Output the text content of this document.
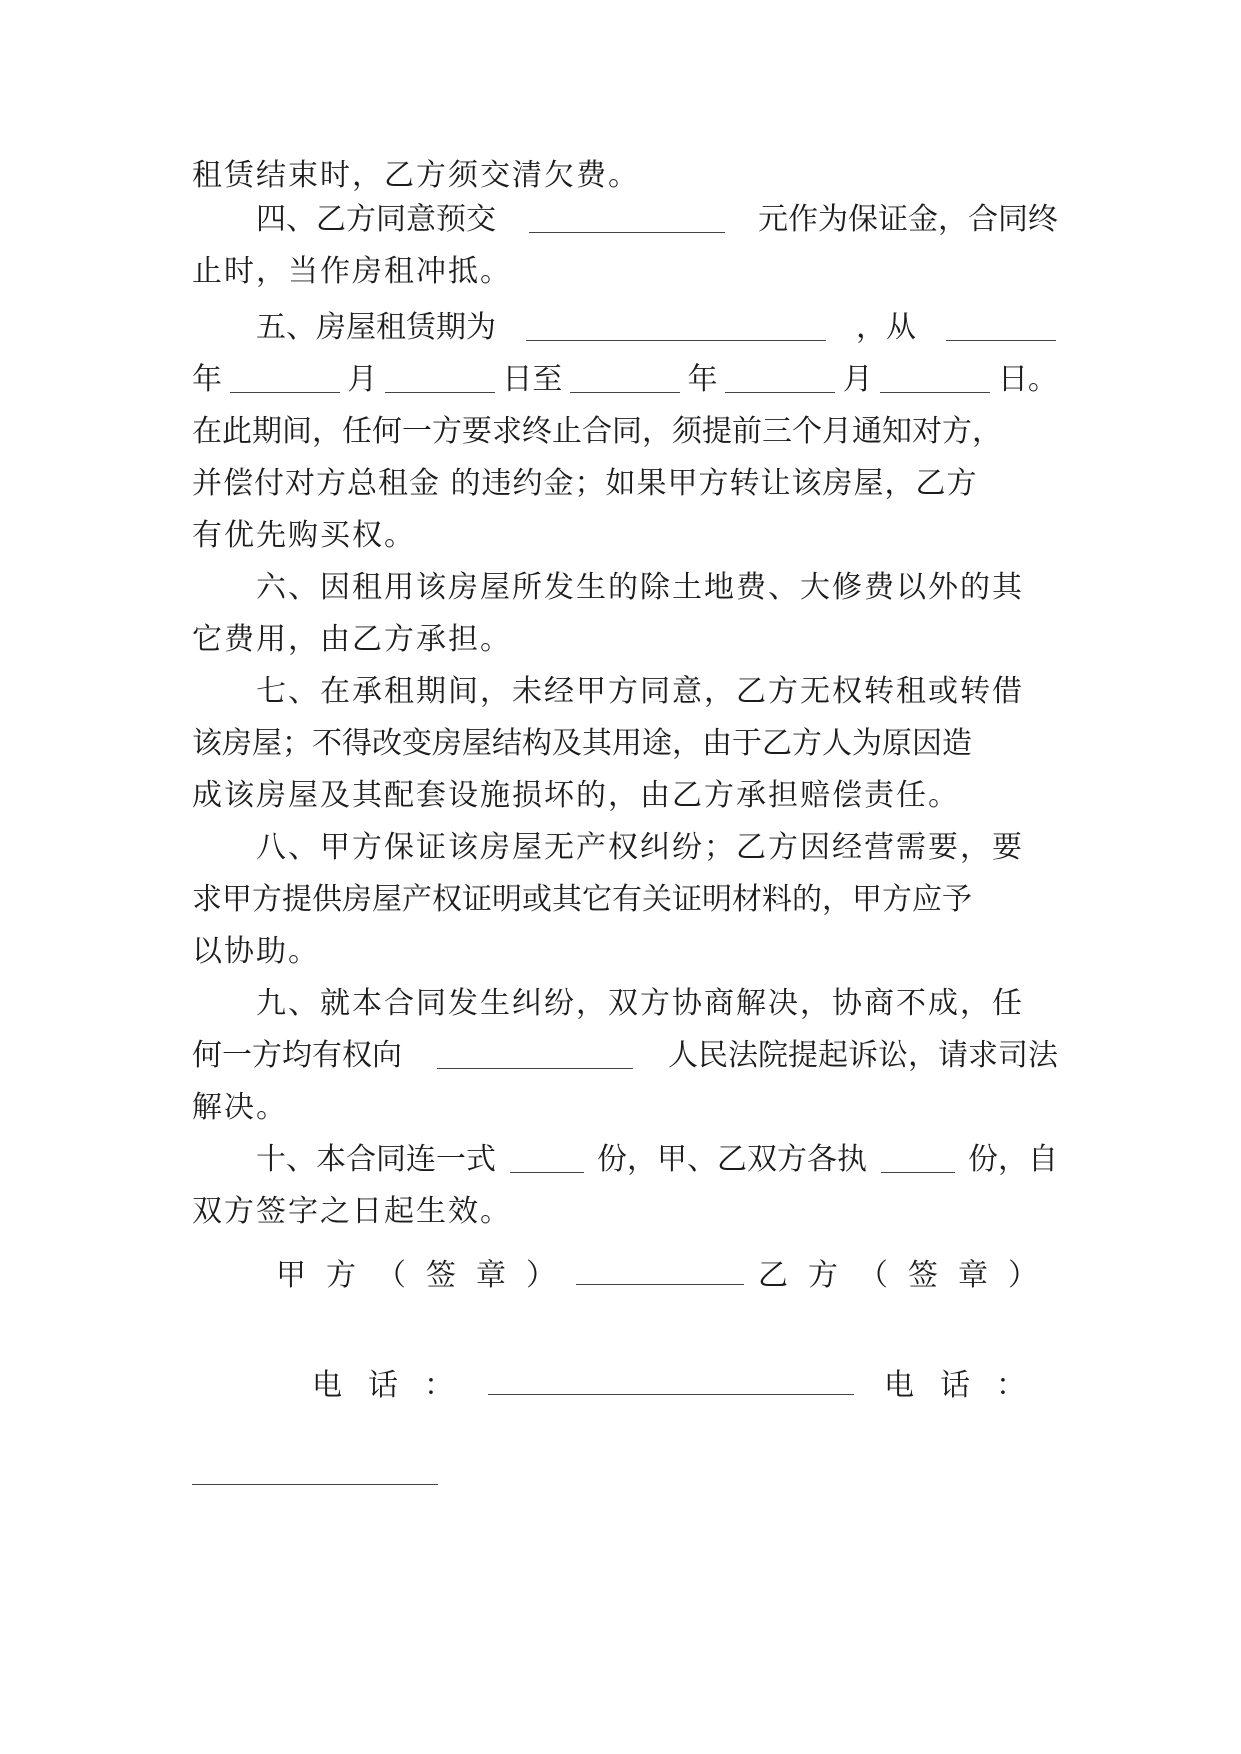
租赁结束时，乙方须交清欠费。
四、乙方同意预交	元作为保证金，合同终
止时，当作房租冲抵。
五、房屋租赁期为	，从
年	月	日至	年	月	日。
在此期间，任何一方要求终止合同，须提前三个月通知对方，
并偿付对方总租金 的违约金；如果甲方转让该房屋，乙方
有优先购买权。
六、因租用该房屋所发生的除土地费、大修费以外的其
它费用，由乙方承担。
七、在承租期间，未经甲方同意，乙方无权转租或转借
该房屋；不得改变房屋结构及其用途，由于乙方人为原因造
成该房屋及其配套设施损坏的，由乙方承担赔偿责任。
八、甲方保证该房屋无产权纠纷；乙方因经营需要，要
求甲方提供房屋产权证明或其它有关证明材料的，甲方应予
以协助。
九、就本合同发生纠纷，双方协商解决，协商不成，任
何一方均有权向	人民法院提起诉讼，请求司法
解决。
十、本合同连一式	份，甲、乙双方各执	份，自
双方签字之日起生效。
甲方（签章）	乙方（签章）
电话：	电话：
